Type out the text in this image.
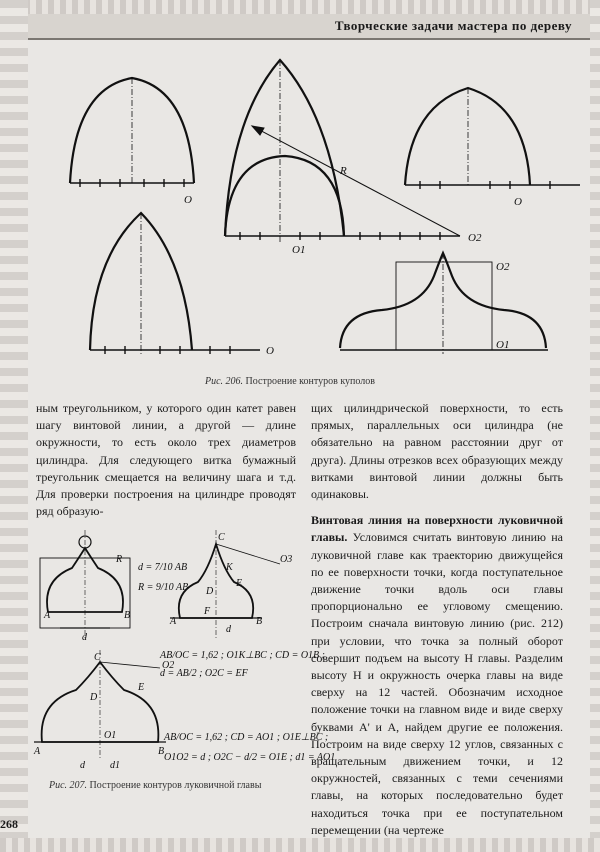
Творческие задачи мастера по дереву
O	O
O
O1
O2
R
O2
O1
Рис. 206. Построение контуров куполов

ным треугольником, у которого один катет равен шагу винтовой линии, а другой — длине окружности, то есть около трех диаметров цилиндра. Для следующего витка бумажный треугольник смещается на величину шага и т.д. Для проверки построения на цилиндре проводят ряд образую-

d = 7/10 AB
R = 9/10 AB
AB/OC = 1,62 ; O1K⊥BC ; CD = O1B ;
d = AB/2 ; O2C = EF
AB/OC = 1,62 ; CD = AO1 ; O1E⊥BC ;
O1O2 = d ; O2C − d/2 = O1E ; d1 = AO1
A	B
d
R
A	B
C
D
E
F
K
O3
d
A	B
C
D
E
O1
O2
d	d1
Рис. 207. Построение контуров луковичной главы

щих цилиндрической поверхности, то есть прямых, параллельных оси цилиндра (не обязательно на равном расстоянии друг от друга). Длины отрезков всех образующих между витками винтовой линии должны быть одинаковы.

Винтовая линия на поверхности луковичной главы. Условимся считать винтовую линию на луковичной главе как траекторию движущейся по ее поверхности точки, когда поступательное движение точки вдоль оси главы пропорционально ее угловому смещению. Построим сначала винтовую линию (рис. 212) при условии, что точка за полный оборот совершит подъем на высоту H главы. Разделим высоту H и окружность очерка главы на виде сверху на 12 частей. Обозначим исходное положение точки на главном виде и виде сверху буквами A' и A, найдем другие ее положения. Построим на виде сверху 12 углов, связанных с вращательным движением точки, и 12 окружностей, связанных с теми сечениями главы, на которых последовательно будет находиться точка при ее поступательном перемещении (на чертеже

268
